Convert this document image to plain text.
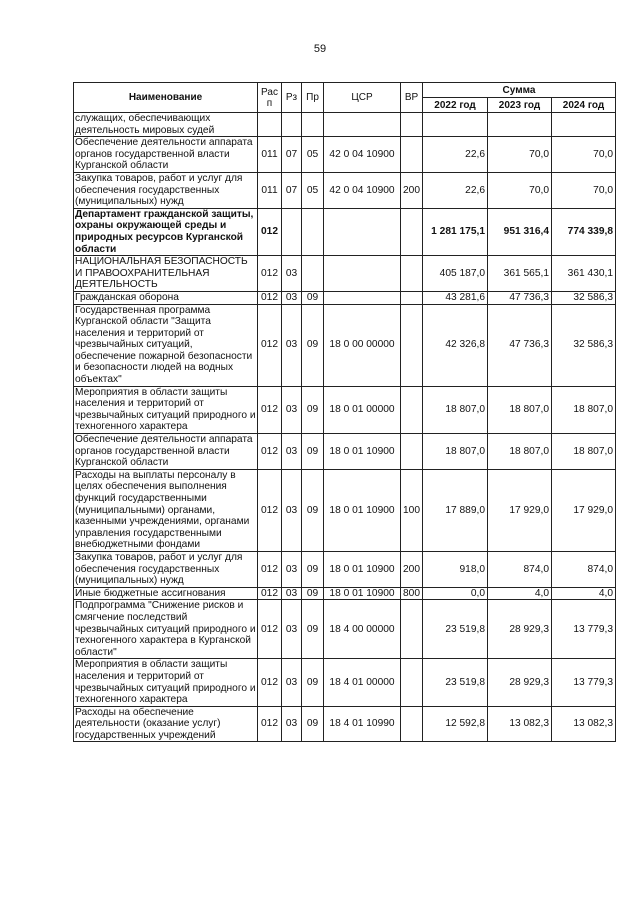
59
Наименование	Рас п	Рз	Пр	ЦСР	ВР	Сумма		
						2022 год	2023 год	2024 год
служащих, обеспечивающих деятельность мировых судей								
Обеспечение деятельности аппарата органов государственной власти Курганской области	011	07	05	42 0 04 10900		22,6	70,0	70,0
Закупка товаров, работ и услуг для обеспечения государственных (муниципальных) нужд	011	07	05	42 0 04 10900	200	22,6	70,0	70,0
Департамент гражданской защиты, охраны окружающей среды и природных ресурсов Курганской области	012					1 281 175,1	951 316,4	774 339,8
НАЦИОНАЛЬНАЯ БЕЗОПАСНОСТЬ И ПРАВООХРАНИТЕЛЬНАЯ ДЕЯТЕЛЬНОСТЬ	012	03				405 187,0	361 565,1	361 430,1
Гражданская оборона	012	03	09			43 281,6	47 736,3	32 586,3
Государственная программа Курганской области "Защита населения и территорий от чрезвычайных ситуаций, обеспечение пожарной безопасности и безопасности людей на водных объектах"	012	03	09	18 0 00 00000		42 326,8	47 736,3	32 586,3
Мероприятия в области защиты населения и территорий от чрезвычайных ситуаций природного и техногенного характера	012	03	09	18 0 01 00000		18 807,0	18 807,0	18 807,0
Обеспечение деятельности аппарата органов государственной власти Курганской области	012	03	09	18 0 01 10900		18 807,0	18 807,0	18 807,0
Расходы на выплаты персоналу в целях обеспечения выполнения функций государственными (муниципальными) органами, казенными учреждениями, органами управления государственными внебюджетными фондами	012	03	09	18 0 01 10900	100	17 889,0	17 929,0	17 929,0
Закупка товаров, работ и услуг для обеспечения государственных (муниципальных) нужд	012	03	09	18 0 01 10900	200	918,0	874,0	874,0
Иные бюджетные ассигнования	012	03	09	18 0 01 10900	800	0,0	4,0	4,0
Подпрограмма "Снижение рисков и смягчение последствий чрезвычайных ситуаций природного и техногенного характера в Курганской области"	012	03	09	18 4 00 00000		23 519,8	28 929,3	13 779,3
Мероприятия в области защиты населения и территорий от чрезвычайных ситуаций природного и техногенного характера	012	03	09	18 4 01 00000		23 519,8	28 929,3	13 779,3
Расходы на обеспечение деятельности (оказание услуг) государственных учреждений	012	03	09	18 4 01 10990		12 592,8	13 082,3	13 082,3
